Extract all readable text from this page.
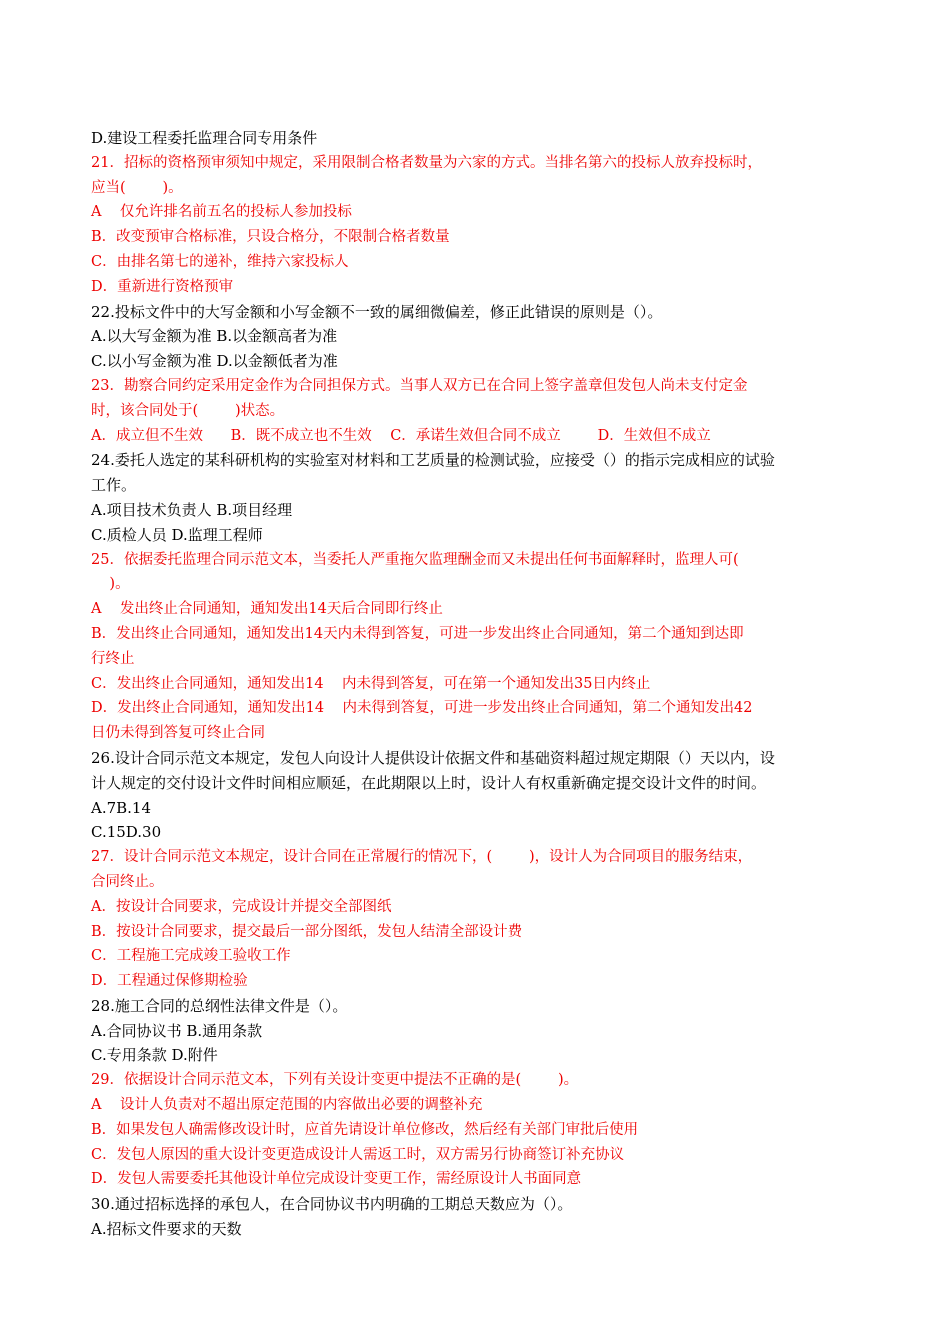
D.建设工程委托监理合同专用条件
21．招标的资格预审须知中规定，采用限制合格者数量为六家的方式。当排名第六的投标人放弃投标时，
应当(        )。
A    仅允许排名前五名的投标人参加投标
B．改变预审合格标准，只设合格分，不限制合格者数量
C．由排名第七的递补，维持六家投标人
D．重新进行资格预审
22.投标文件中的大写金额和小写金额不一致的属细微偏差，修正此错误的原则是（）。
A.以大写金额为准 B.以金额高者为准
C.以小写金额为准 D.以金额低者为准
23．勘察合同约定采用定金作为合同担保方式。当事人双方已在合同上签字盖章但发包人尚未支付定金
时，该合同处于(        )状态。
A．成立但不生效      B．既不成立也不生效    C．承诺生效但合同不成立        D．生效但不成立
24.委托人选定的某科研机构的实验室对材料和工艺质量的检测试验，应接受（）的指示完成相应的试验
工作。
A.项目技术负责人 B.项目经理
C.质检人员 D.监理工程师
25．依据委托监理合同示范文本，当委托人严重拖欠监理酬金而又未提出任何书面解释时，监理人可(
)。
A    发出终止合同通知，通知发出14天后合同即行终止
B．发出终止合同通知，通知发出14天内未得到答复，可进一步发出终止合同通知，第二个通知到达即
行终止
C．发出终止合同通知，通知发出14    内未得到答复，可在第一个通知发出35日内终止
D．发出终止合同通知，通知发出14    内未得到答复，可进一步发出终止合同通知，第二个通知发出42
日仍未得到答复可终止合同
26.设计合同示范文本规定，发包人向设计人提供设计依据文件和基础资料超过规定期限（）天以内，设
计人规定的交付设计文件时间相应顺延，在此期限以上时，设计人有权重新确定提交设计文件的时间。
A.7B.14
C.15D.30
27．设计合同示范文本规定，设计合同在正常履行的情况下，(        )，设计人为合同项目的服务结束，
合同终止。
A．按设计合同要求，完成设计并提交全部图纸
B．按设计合同要求，提交最后一部分图纸，发包人结清全部设计费
C．工程施工完成竣工验收工作
D．工程通过保修期检验
28.施工合同的总纲性法律文件是（）。
A.合同协议书 B.通用条款
C.专用条款 D.附件
29．依据设计合同示范文本，下列有关设计变更中提法不正确的是(        )。
A    设计人负责对不超出原定范围的内容做出必要的调整补充
B．如果发包人确需修改设计时，应首先请设计单位修改，然后经有关部门审批后使用
C．发包人原因的重大设计变更造成设计人需返工时，双方需另行协商签订补充协议
D．发包人需要委托其他设计单位完成设计变更工作，需经原设计人书面同意
30.通过招标选择的承包人，在合同协议书内明确的工期总天数应为（）。
A.招标文件要求的天数
